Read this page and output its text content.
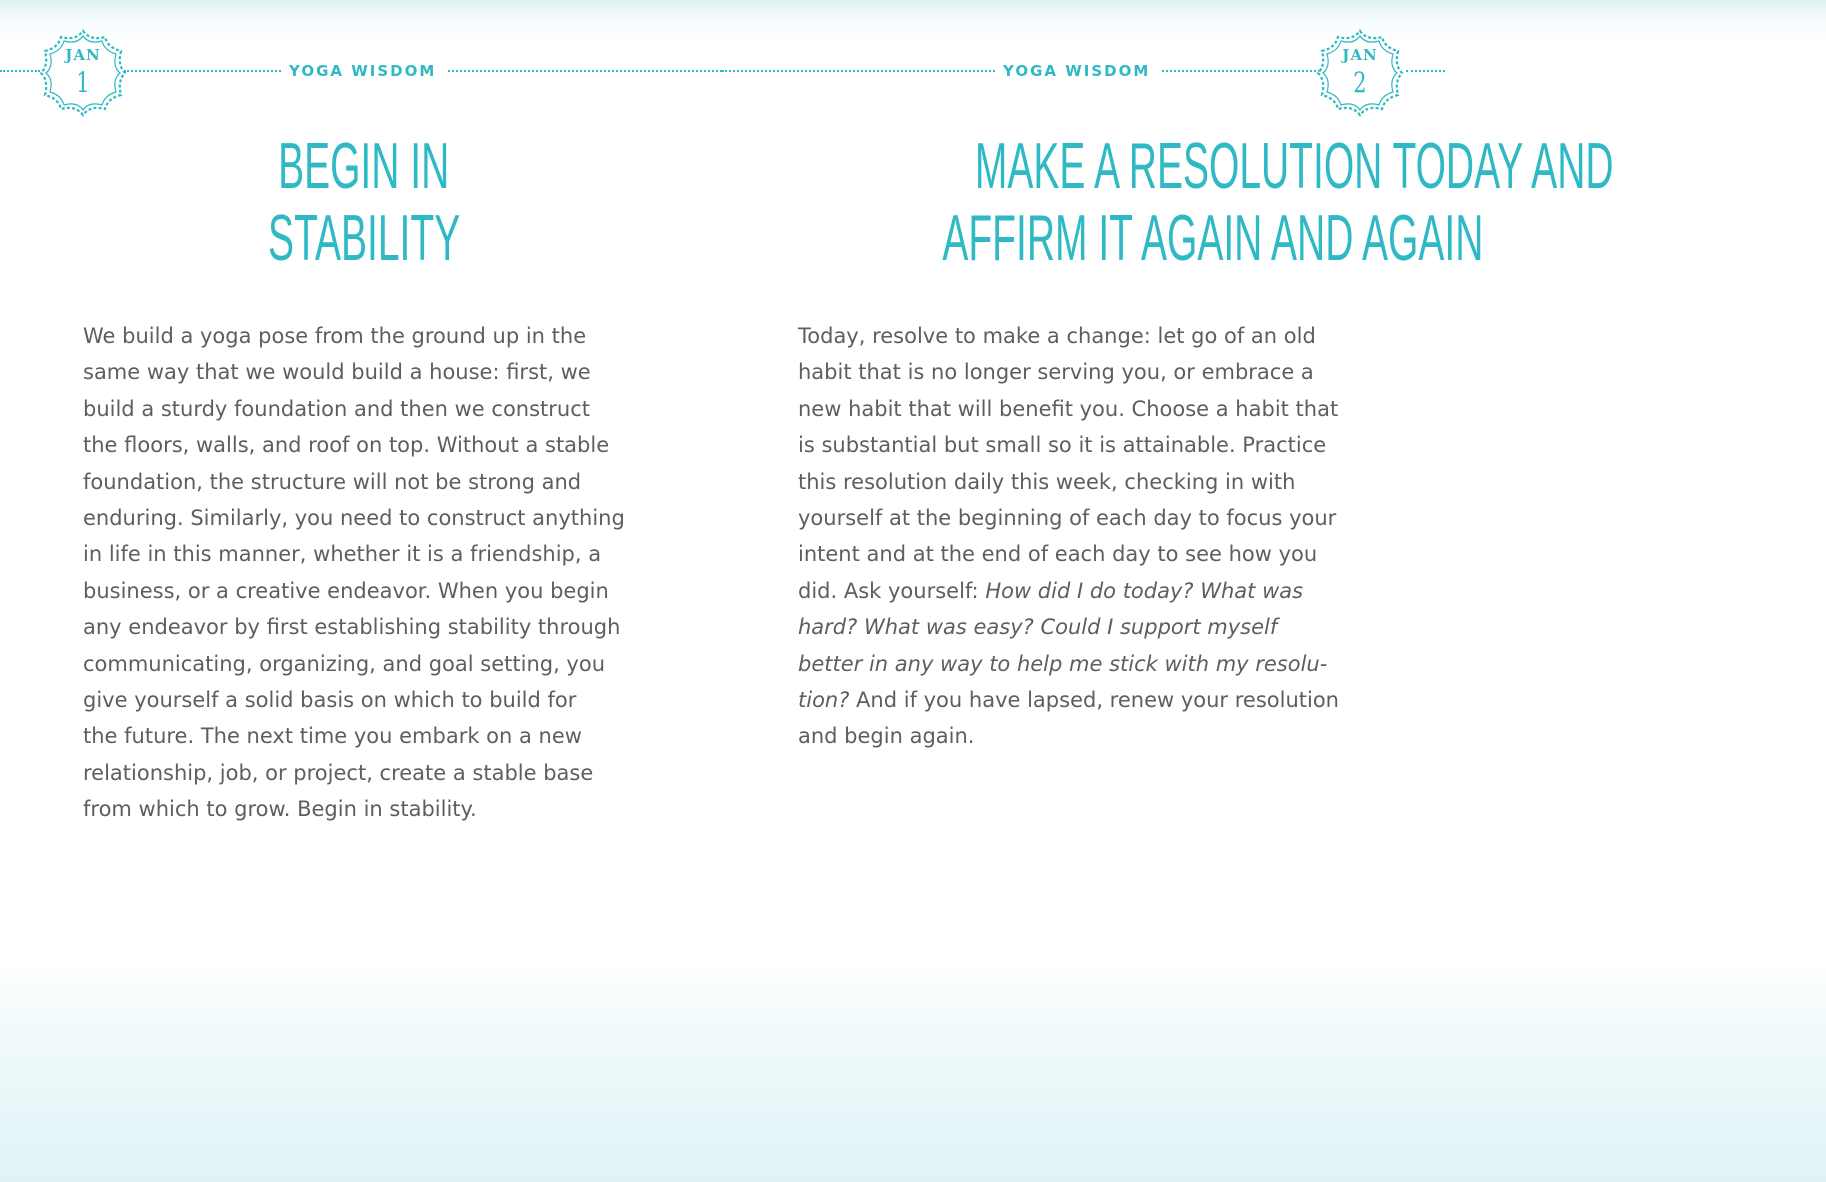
YOGA WISDOM
JAN
1
BEGIN IN
STABILITY
We build a yoga pose from the ground up in the
same way that we would build a house: first, we
build a sturdy foundation and then we construct
the floors, walls, and roof on top. Without a stable
foundation, the structure will not be strong and
enduring. Similarly, you need to construct anything
in life in this manner, whether it is a friendship, a
business, or a creative endeavor. When you begin
any endeavor by first establishing stability through
communicating, organizing, and goal setting, you
give yourself a solid basis on which to build for
the future. The next time you embark on a new
relationship, job, or project, create a stable base
from which to grow. Begin in stability.
YOGA WISDOM
JAN
2
MAKE A RESOLUTION TODAY AND
AFFIRM IT AGAIN AND AGAIN
Today, resolve to make a change: let go of an old
habit that is no longer serving you, or embrace a
new habit that will benefit you. Choose a habit that
is substantial but small so it is attainable. Practice
this resolution daily this week, checking in with
yourself at the beginning of each day to focus your
intent and at the end of each day to see how you
did. Ask yourself: How did I do today? What was
hard? What was easy? Could I support myself
better in any way to help me stick with my resolu-
tion? And if you have lapsed, renew your resolution
and begin again.
